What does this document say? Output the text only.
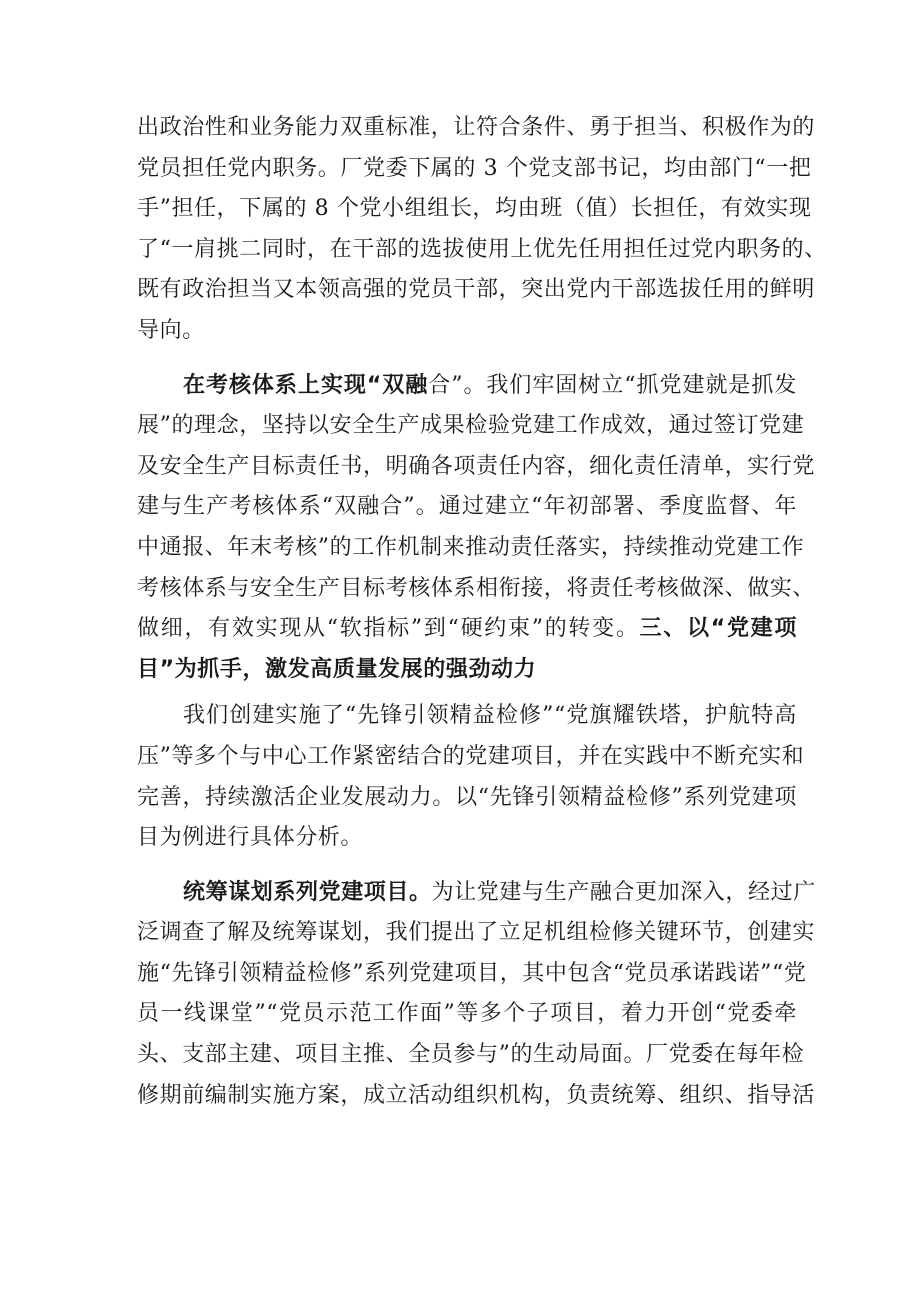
出政治性和业务能力双重标准，让符合条件、勇于担当、积极作为的
党员担任党内职务。厂党委下属的 3 个党支部书记，均由部门“一把
手”担任，下属的 8 个党小组组长，均由班（值）长担任，有效实现
了“一肩挑二同时，在干部的选拔使用上优先任用担任过党内职务的、
既有政治担当又本领高强的党员干部，突出党内干部选拔任用的鲜明
导向。
在考核体系上实现“双融合”。我们牢固树立“抓党建就是抓发
展”的理念，坚持以安全生产成果检验党建工作成效，通过签订党建
及安全生产目标责任书，明确各项责任内容，细化责任清单，实行党
建与生产考核体系“双融合”。通过建立“年初部署、季度监督、年
中通报、年末考核”的工作机制来推动责任落实，持续推动党建工作
考核体系与安全生产目标考核体系相衔接，将责任考核做深、做实、
做细，有效实现从“软指标”到“硬约束”的转变。三、以“党建项
目”为抓手，激发高质量发展的强劲动力
我们创建实施了“先锋引领精益检修”“党旗耀铁塔，护航特高
压”等多个与中心工作紧密结合的党建项目，并在实践中不断充实和
完善，持续激活企业发展动力。以“先锋引领精益检修”系列党建项
目为例进行具体分析。
统筹谋划系列党建项目。为让党建与生产融合更加深入，经过广
泛调查了解及统筹谋划，我们提出了立足机组检修关键环节，创建实
施“先锋引领精益检修”系列党建项目，其中包含“党员承诺践诺”“党
员一线课堂”“党员示范工作面”等多个子项目，着力开创“党委牵
头、支部主建、项目主推、全员参与”的生动局面。厂党委在每年检
修期前编制实施方案，成立活动组织机构，负责统筹、组织、指导活
